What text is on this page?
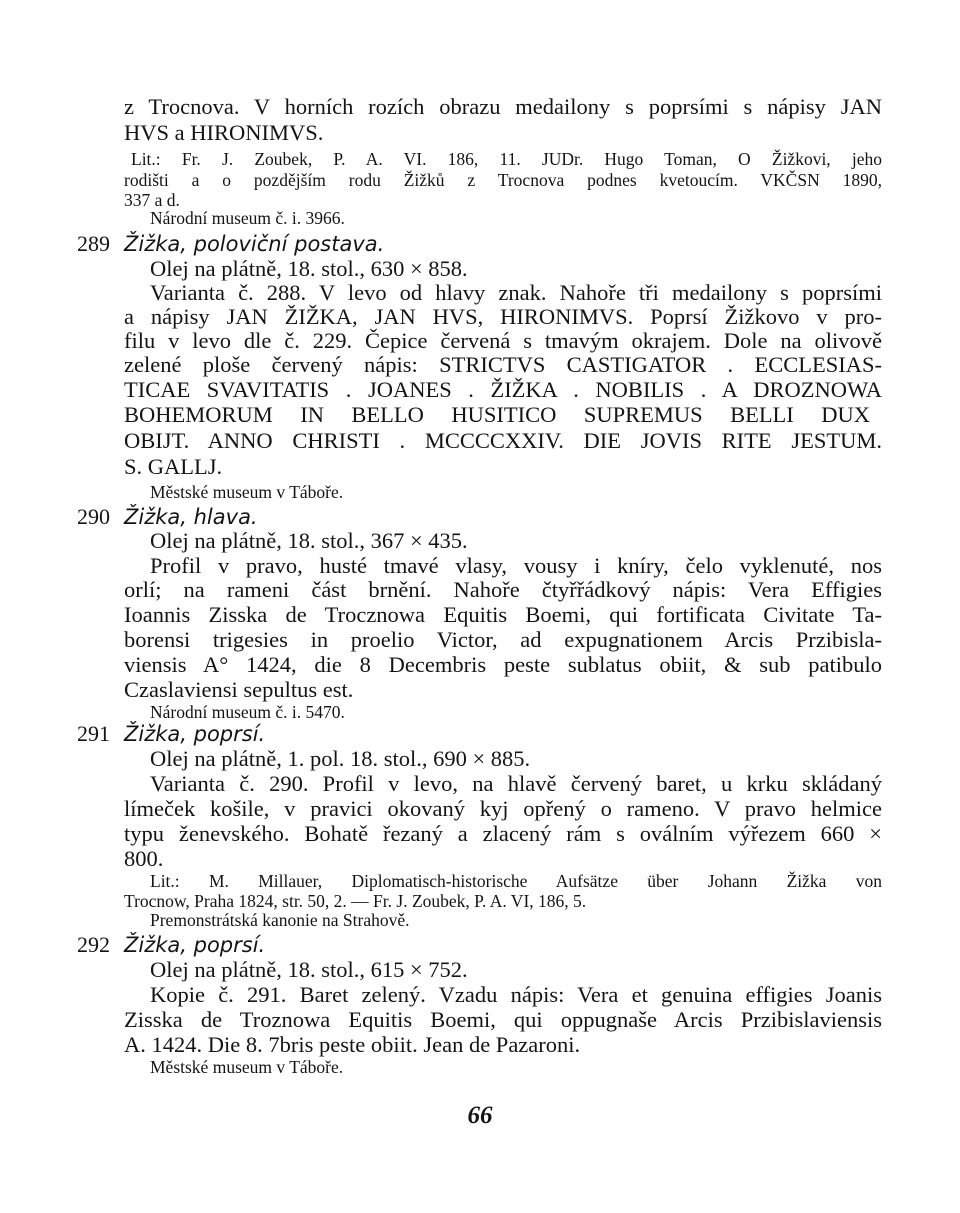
z Trocnova. V horních rozích obrazu medailony s poprsími s nápisy JAN
HVS a HIRONIMVS.
Lit.: Fr. J. Zoubek, P. A. VI. 186, 11. JUDr. Hugo Toman, O Žižkovi, jeho
rodišti a o pozdějším rodu Žižků z Trocnova podnes kvetoucím. VKČSN 1890,
337 a d.
Národní museum č. i. 3966.
289 Žižka, poloviční postava.
Olej na plátně, 18. stol., 630 × 858.
Varianta č. 288. V levo od hlavy znak. Nahoře tři medailony s poprsími
a nápisy JAN ŽIŽKA, JAN HVS, HIRONIMVS. Poprsí Žižkovo v pro-
filu v levo dle č. 229. Čepice červená s tmavým okrajem. Dole na olivově
zelené ploše červený nápis: STRICTVS CASTIGATOR . ECCLESIAS-
TICAE SVAVITATIS . JOANES . ŽIŽKA . NOBILIS . A DROZNOWA
BOHEMORUM IN BELLO HUSITICO SUPREMUS BELLI DUX
OBIJT. ANNO CHRISTI . MCCCCXXIV. DIE JOVIS RITE JESTUM.
S. GALLJ.
Městské museum v Táboře.
290 Žižka, hlava.
Olej na plátně, 18. stol., 367 × 435.
Profil v pravo, husté tmavé vlasy, vousy i kníry, čelo vyklenuté, nos
orlí; na rameni část brnění. Nahoře čtyřřádkový nápis: Vera Effigies
Ioannis Zisska de Trocznowa Equitis Boemi, qui fortificata Civitate Ta-
borensi trigesies in proelio Victor, ad expugnationem Arcis Przibisla-
viensis A° 1424, die 8 Decembris peste sublatus obiit, & sub patibulo
Czaslaviensi sepultus est.
Národní museum č. i. 5470.
291 Žižka, poprsí.
Olej na plátně, 1. pol. 18. stol., 690 × 885.
Varianta č. 290. Profil v levo, na hlavě červený baret, u krku skládaný
límeček košile, v pravici okovaný kyj opřený o rameno. V pravo helmice
typu ženevského. Bohatě řezaný a zlacený rám s oválním výřezem 660 ×
800.
Lit.: M. Millauer, Diplomatisch-historische Aufsätze über Johann Žižka von
Trocnow, Praha 1824, str. 50, 2. — Fr. J. Zoubek, P. A. VI, 186, 5.
Premonstrátská kanonie na Strahově.
292 Žižka, poprsí.
Olej na plátně, 18. stol., 615 × 752.
Kopie č. 291. Baret zelený. Vzadu nápis: Vera et genuina effigies Joanis
Zisska de Troznowa Equitis Boemi, qui oppugnaše Arcis Przibislaviensis
A. 1424. Die 8. 7bris peste obiit. Jean de Pazaroni.
Městské museum v Táboře.
66
